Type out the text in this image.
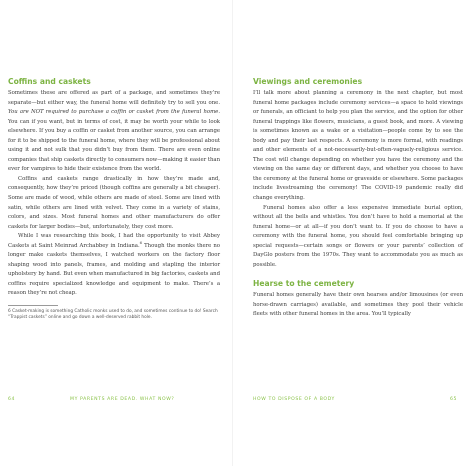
Coffins and caskets

Sometimes these are offered as part of a package, and sometimes they’re separate—but either way, the funeral home will definitely try to sell you one. You are NOT required to purchase a coffin or casket from the funeral home. You can if you want, but in terms of cost, it may be worth your while to look elsewhere. If you buy a coffin or casket from another source, you can arrange for it to be shipped to the funeral home, where they will be professional about using it and not sulk that you didn’t buy from them. There are even online companies that ship caskets directly to consumers now—making it easier than ever for vampires to hide their existence from the world.

Coffins and caskets range drastically in how they’re made and, consequently, how they’re priced (though coffins are generally a bit cheaper). Some are made of wood, while others are made of steel. Some are lined with satin, while others are lined with velvet. They come in a variety of stains, colors, and sizes. Most funeral homes and other manufacturers do offer caskets for larger bodies—but, unfortunately, they cost more.

While I was researching this book, I had the opportunity to visit Abbey Caskets at Saint Meinrad Archabbey in Indiana.$^6$ Though the monks there no longer make caskets themselves, I watched workers on the factory floor shaping wood into panels, frames, and molding and stapling the interior upholstery by hand. But even when manufactured in big factories, caskets and coffins require specialized knowledge and equipment to make. There’s a reason they’re not cheap.

6 Casket-making is something Catholic monks used to do, and sometimes continue to do! Search “Trappist caskets” online and go down a well-deserved rabbit hole.

64	MY PARENTS ARE DEAD. WHAT NOW?
Viewings and ceremonies

I’ll talk more about planning a ceremony in the next chapter, but most funeral home packages include ceremony services—a space to hold viewings or funerals, an officiant to help you plan the service, and the option for other funeral trappings like flowers, musicians, a guest book, and more. A viewing is sometimes known as a wake or a visitation—people come by to see the body and pay their last respects. A ceremony is more formal, with readings and other elements of a not-necessarily-but-often-vaguely-religious service. The cost will change depending on whether you have the ceremony and the viewing on the same day or different days, and whether you choose to have the ceremony at the funeral home or graveside or elsewhere. Some packages include livestreaming the ceremony! The COVID-19 pandemic really did change everything.

Funeral homes also offer a less expensive immediate burial option, without all the bells and whistles. You don’t have to hold a memorial at the funeral home—or at all—if you don’t want to. If you do choose to have a ceremony with the funeral home, you should feel comfortable bringing up special requests—certain songs or flowers or your parents’ collection of DayGlo posters from the 1970s. They want to accommodate you as much as possible.

Hearse to the cemetery

Funeral homes generally have their own hearses and/or limousines (or even horse-drawn carriages) available, and sometimes they pool their vehicle fleets with other funeral homes in the area. You’ll typically

HOW TO DISPOSE OF A BODY	65
